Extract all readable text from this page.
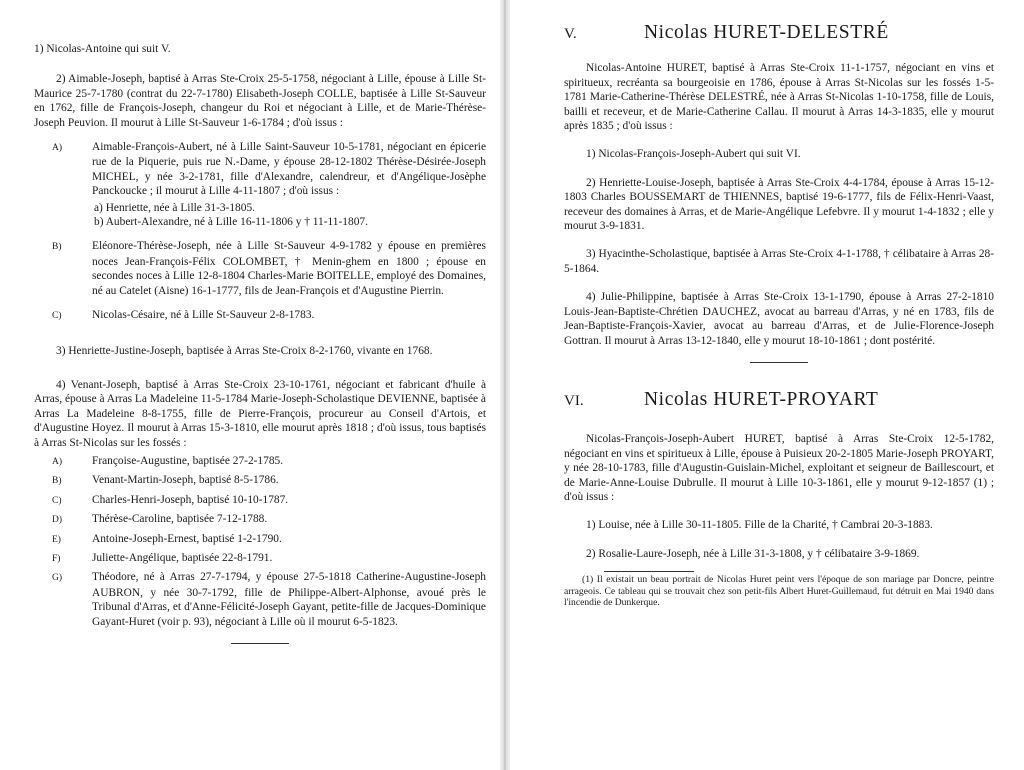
1) Nicolas-Antoine qui suit V.

2) Aimable-Joseph, baptisé à Arras Ste-Croix 25-5-1758, négociant à Lille, épouse à Lille St-Maurice 25-7-1780 (contrat du 22-7-1780) Elisabeth-Joseph COLLE, baptisée à Lille St-Sauveur en 1762, fille de François-Joseph, changeur du Roi et négociant à Lille, et de Marie-Thérèse-Joseph Peuvion. Il mourut à Lille St-Sauveur 1-6-1784 ; d'où issus :

A)	Aimable-François-Aubert, né à Lille Saint-Sauveur 10-5-1781, négociant en épicerie rue de la Piquerie, puis rue N.-Dame, y épouse 28-12-1802 Thérèse-Désirée-Joseph MICHEL, y née 3-2-1781, fille d'Alexandre, calendreur, et d'Angélique-Josèphe Panckoucke ; il mourut à Lille 4-11-1807 ; d'où issus :

a) Henriette, née à Lille 31-3-1805.

b) Aubert-Alexandre, né à Lille 16-11-1806 y † 11-11-1807.

B)	Eléonore-Thérèse-Joseph, née à Lille St-Sauveur 4-9-1782 y épouse en premières noces Jean-François-Félix COLOMBET, † Menin-ghem en 1800 ; épouse en secondes noces à Lille 12-8-1804 Charles-Marie BOITELLE, employé des Domaines, né au Catelet (Aisne) 16-1-1777, fils de Jean-François et d'Augustine Pierrin.

C)	Nicolas-Césaire, né à Lille St-Sauveur 2-8-1783.

3) Henriette-Justine-Joseph, baptisée à Arras Ste-Croix 8-2-1760, vivante en 1768.

4) Venant-Joseph, baptisé à Arras Ste-Croix 23-10-1761, négociant et fabricant d'huile à Arras, épouse à Arras La Madeleine 11-5-1784 Marie-Joseph-Scholastique DEVIENNE, baptisée à Arras La Madeleine 8-8-1755, fille de Pierre-François, procureur au Conseil d'Artois, et d'Augustine Hoyez. Il mourut à Arras 15-3-1810, elle mourut après 1818 ; d'où issus, tous baptisés à Arras St-Nicolas sur les fossés :

A)	Françoise-Augustine, baptisée 27-2-1785.

B)	Venant-Martin-Joseph, baptisé 8-5-1786.

C)	Charles-Henri-Joseph, baptisé 10-10-1787.

D)	Thérèse-Caroline, baptisée 7-12-1788.

E)	Antoine-Joseph-Ernest, baptisé 1-2-1790.

F)	Juliette-Angélique, baptisée 22-8-1791.

G)	Théodore, né à Arras 27-7-1794, y épouse 27-5-1818 Catherine-Augustine-Joseph AUBRON, y née 30-7-1792, fille de Philippe-Albert-Alphonse, avoué près le Tribunal d'Arras, et d'Anne-Félicité-Joseph Gayant, petite-fille de Jacques-Dominique Gayant-Huret (voir p. 93), négociant à Lille où il mourut 6-5-1823.

V.	Nicolas HURET-DELESTRÉ

Nicolas-Antoine HURET, baptisé à Arras Ste-Croix 11-1-1757, négociant en vins et spiritueux, recréanta sa bourgeoisie en 1786, épouse à Arras St-Nicolas sur les fossés 1-5-1781 Marie-Catherine-Thérèse DELESTRÉ, née à Arras St-Nicolas 1-10-1758, fille de Louis, bailli et receveur, et de Marie-Catherine Callau. Il mourut à Arras 14-3-1835, elle y mourut après 1835 ; d'où issus :

1) Nicolas-François-Joseph-Aubert qui suit VI.

2) Henriette-Louise-Joseph, baptisée à Arras Ste-Croix 4-4-1784, épouse à Arras 15-12-1803 Charles BOUSSEMART de THIENNES, baptisé 19-6-1777, fils de Félix-Henri-Vaast, receveur des domaines à Arras, et de Marie-Angélique Lefebvre. Il y mourut 1-4-1832 ; elle y mourut 3-9-1831.

3) Hyacinthe-Scholastique, baptisée à Arras Ste-Croix 4-1-1788, † célibataire à Arras 28-5-1864.

4) Julie-Philippine, baptisée à Arras Ste-Croix 13-1-1790, épouse à Arras 27-2-1810 Louis-Jean-Baptiste-Chrétien DAUCHEZ, avocat au barreau d'Arras, y né en 1783, fils de Jean-Baptiste-François-Xavier, avocat au barreau d'Arras, et de Julie-Florence-Joseph Gottran. Il mourut à Arras 13-12-1840, elle y mourut 18-10-1861 ; dont postérité.

VI.	Nicolas HURET-PROYART

Nicolas-François-Joseph-Aubert HURET, baptisé à Arras Ste-Croix 12-5-1782, négociant en vins et spiritueux à Lille, épouse à Puisieux 20-2-1805 Marie-Joseph PROYART, y née 28-10-1783, fille d'Augustin-Guislain-Michel, exploitant et seigneur de Baillescourt, et de Marie-Anne-Louise Dubrulle. Il mourut à Lille 10-3-1861, elle y mourut 9-12-1857 (1) ; d'où issus :

1) Louise, née à Lille 30-11-1805. Fille de la Charité, † Cambrai 20-3-1883.

2) Rosalie-Laure-Joseph, née à Lille 31-3-1808, y † célibataire 3-9-1869.

(1) Il existait un beau portrait de Nicolas Huret peint vers l'époque de son mariage par Doncre, peintre arrageois. Ce tableau qui se trouvait chez son petit-fils Albert Huret-Guillemaud, fut détruit en Mai 1940 dans l'incendie de Dunkerque.
